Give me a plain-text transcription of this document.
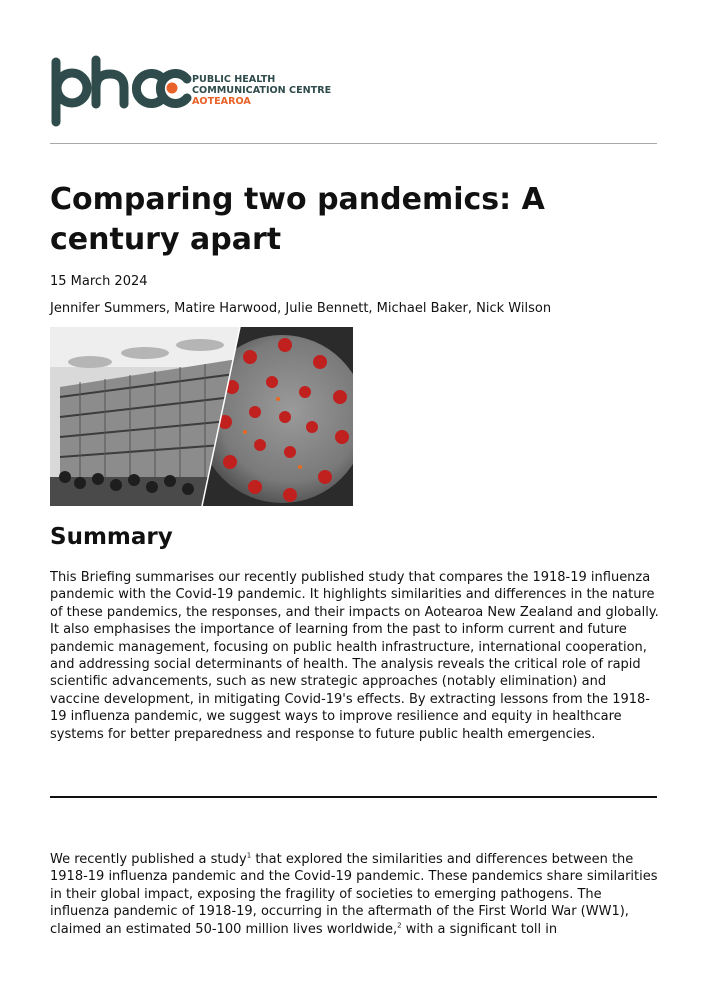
PUBLIC HEALTH
COMMUNICATION CENTRE
AOTEAROA
Comparing two pandemics: A century apart
15 March 2024
Jennifer Summers, Matire Harwood, Julie Bennett, Michael Baker, Nick Wilson
Summary

This Briefing summarises our recently published study that compares the 1918-19 influenza pandemic with the Covid-19 pandemic. It highlights similarities and differences in the nature of these pandemics, the responses, and their impacts on Aotearoa New Zealand and globally. It also emphasises the importance of learning from the past to inform current and future pandemic management, focusing on public health infrastructure, international cooperation, and addressing social determinants of health. The analysis reveals the critical role of rapid scientific advancements, such as new strategic approaches (notably elimination) and vaccine development, in mitigating Covid-19's effects. By extracting lessons from the 1918-19 influenza pandemic, we suggest ways to improve resilience and equity in healthcare systems for better preparedness and response to future public health emergencies.

We recently published a study$^1$ that explored the similarities and differences between the 1918-19 influenza pandemic and the Covid-19 pandemic. These pandemics share similarities in their global impact, exposing the fragility of societies to emerging pathogens. The influenza pandemic of 1918-19, occurring in the aftermath of the First World War (WW1), claimed an estimated 50-100 million lives worldwide,$^2$ with a significant toll in
